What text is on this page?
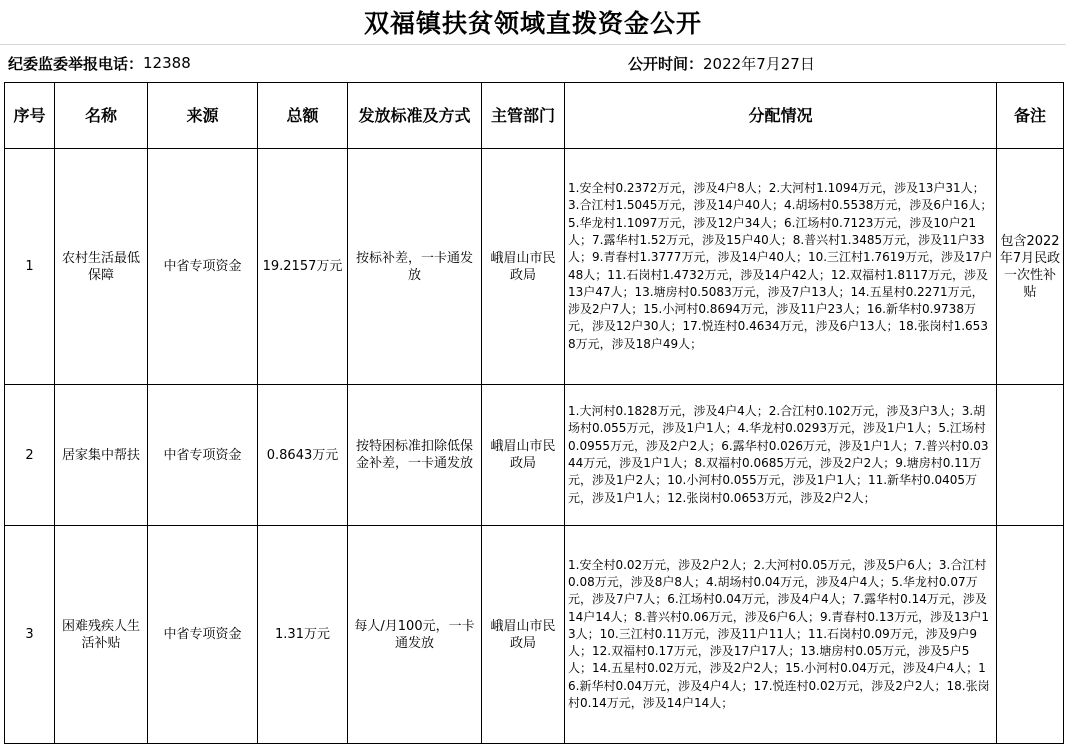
双福镇扶贫领域直拨资金公开
纪委监委举报电话： 12388	公开时间： 2022年7月27日
序号	名称	来源	总额	发放标准及方式	主管部门	分配情况	备注
1	农村生活最低保障	中省专项资金	19.2157万元	按标补差，一卡通发放	峨眉山市民政局	1.安全村0.2372万元，涉及4户8人；2.大河村1.1094万元，涉及13户31人；3.合江村1.5045万元，涉及14户40人；4.胡场村0.5538万元，涉及6户16人；5.华龙村1.1097万元，涉及12户34人；6.江场村0.7123万元，涉及10户21人；7.露华村1.52万元，涉及15户40人；8.普兴村1.3485万元，涉及11户33人；9.青春村1.3777万元，涉及14户40人；10.三江村1.7619万元，涉及17户48人；11.石岗村1.4732万元，涉及14户42人；12.双福村1.8117万元，涉及13户47人；13.塘房村0.5083万元，涉及7户13人；14.五星村0.2271万元，涉及2户7人；15.小河村0.8694万元，涉及11户23人；16.新华村0.9738万元，涉及12户30人；17.悦连村0.4634万元，涉及6户13人；18.张岗村1.6538万元，涉及18户49人；	包含2022年7月民政一次性补贴
2	居家集中帮扶	中省专项资金	0.8643万元	按特困标准扣除低保金补差，一卡通发放	峨眉山市民政局	1.大河村0.1828万元，涉及4户4人；2.合江村0.102万元，涉及3户3人；3.胡场村0.055万元，涉及1户1人；4.华龙村0.0293万元，涉及1户1人；5.江场村0.0955万元，涉及2户2人；6.露华村0.026万元，涉及1户1人；7.普兴村0.0344万元，涉及1户1人；8.双福村0.0685万元，涉及2户2人；9.塘房村0.11万元，涉及1户2人；10.小河村0.055万元，涉及1户1人；11.新华村0.0405万元，涉及1户1人；12.张岗村0.0653万元，涉及2户2人；	
3	困难残疾人生活补贴	中省专项资金	1.31万元	每人/月100元，一卡通发放	峨眉山市民政局	1.安全村0.02万元，涉及2户2人；2.大河村0.05万元，涉及5户6人；3.合江村0.08万元，涉及8户8人；4.胡场村0.04万元，涉及4户4人；5.华龙村0.07万元，涉及7户7人；6.江场村0.04万元，涉及4户4人；7.露华村0.14万元，涉及14户14人；8.普兴村0.06万元，涉及6户6人；9.青春村0.13万元，涉及13户13人；10.三江村0.11万元，涉及11户11人；11.石岗村0.09万元，涉及9户9人；12.双福村0.17万元，涉及17户17人；13.塘房村0.05万元，涉及5户5人；14.五星村0.02万元，涉及2户2人；15.小河村0.04万元，涉及4户4人；16.新华村0.04万元，涉及4户4人；17.悦连村0.02万元，涉及2户2人；18.张岗村0.14万元，涉及14户14人；	
